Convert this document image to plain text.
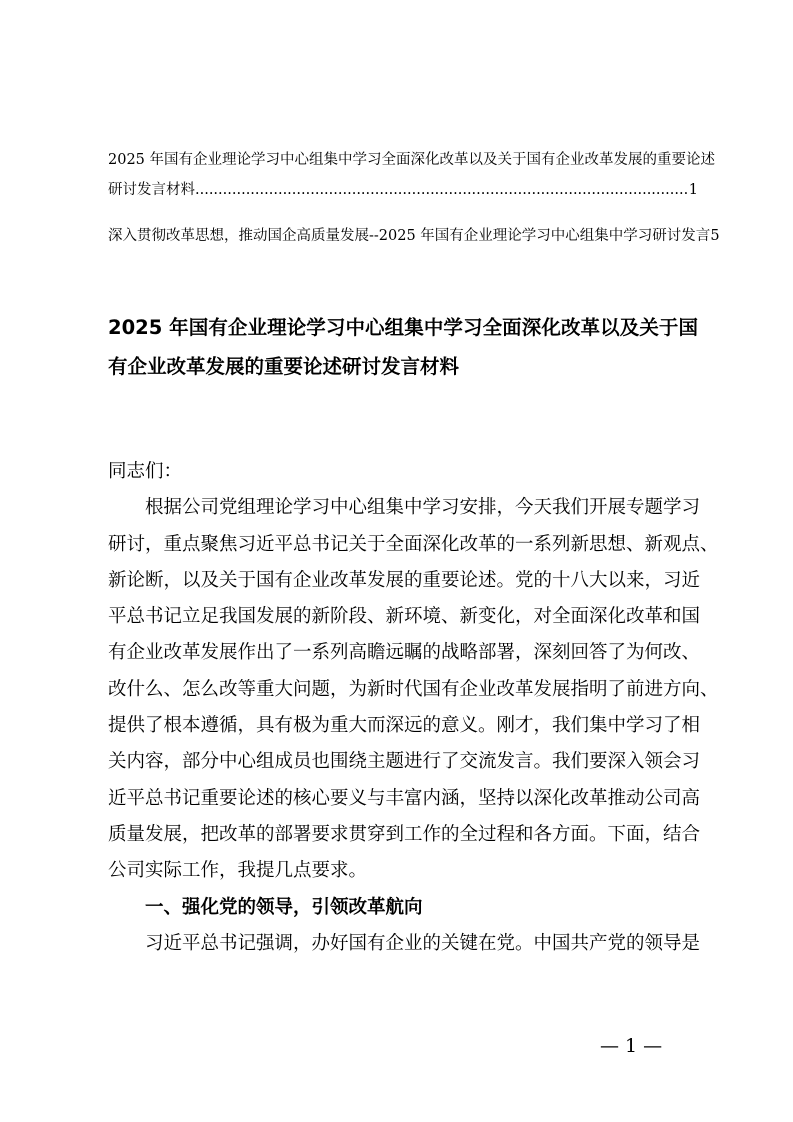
2025 年国有企业理论学习中心组集中学习全面深化改革以及关于国有企业改革发展的重要论述
研讨发言材料 .....	1
深入贯彻改革思想，推动国企高质量发展--2025 年国有企业理论学习中心组集中学习研讨发言 5
2025 年国有企业理论学习中心组集中学习全面深化改革以及关于国
有企业改革发展的重要论述研讨发言材料
同志们：
根据公司党组理论学习中心组集中学习安排，今天我们开展专题学习
研讨，重点聚焦习近平总书记关于全面深化改革的一系列新思想、新观点、
新论断，以及关于国有企业改革发展的重要论述。党的十八大以来，习近
平总书记立足我国发展的新阶段、新环境、新变化，对全面深化改革和国
有企业改革发展作出了一系列高瞻远瞩的战略部署，深刻回答了为何改、
改什么、怎么改等重大问题，为新时代国有企业改革发展指明了前进方向、
提供了根本遵循，具有极为重大而深远的意义。刚才，我们集中学习了相
关内容，部分中心组成员也围绕主题进行了交流发言。我们要深入领会习
近平总书记重要论述的核心要义与丰富内涵，坚持以深化改革推动公司高
质量发展，把改革的部署要求贯穿到工作的全过程和各方面。下面，结合
公司实际工作，我提几点要求。
一、强化党的领导，引领改革航向
习近平总书记强调，办好国有企业的关键在党。中国共产党的领导是
— 1 —
